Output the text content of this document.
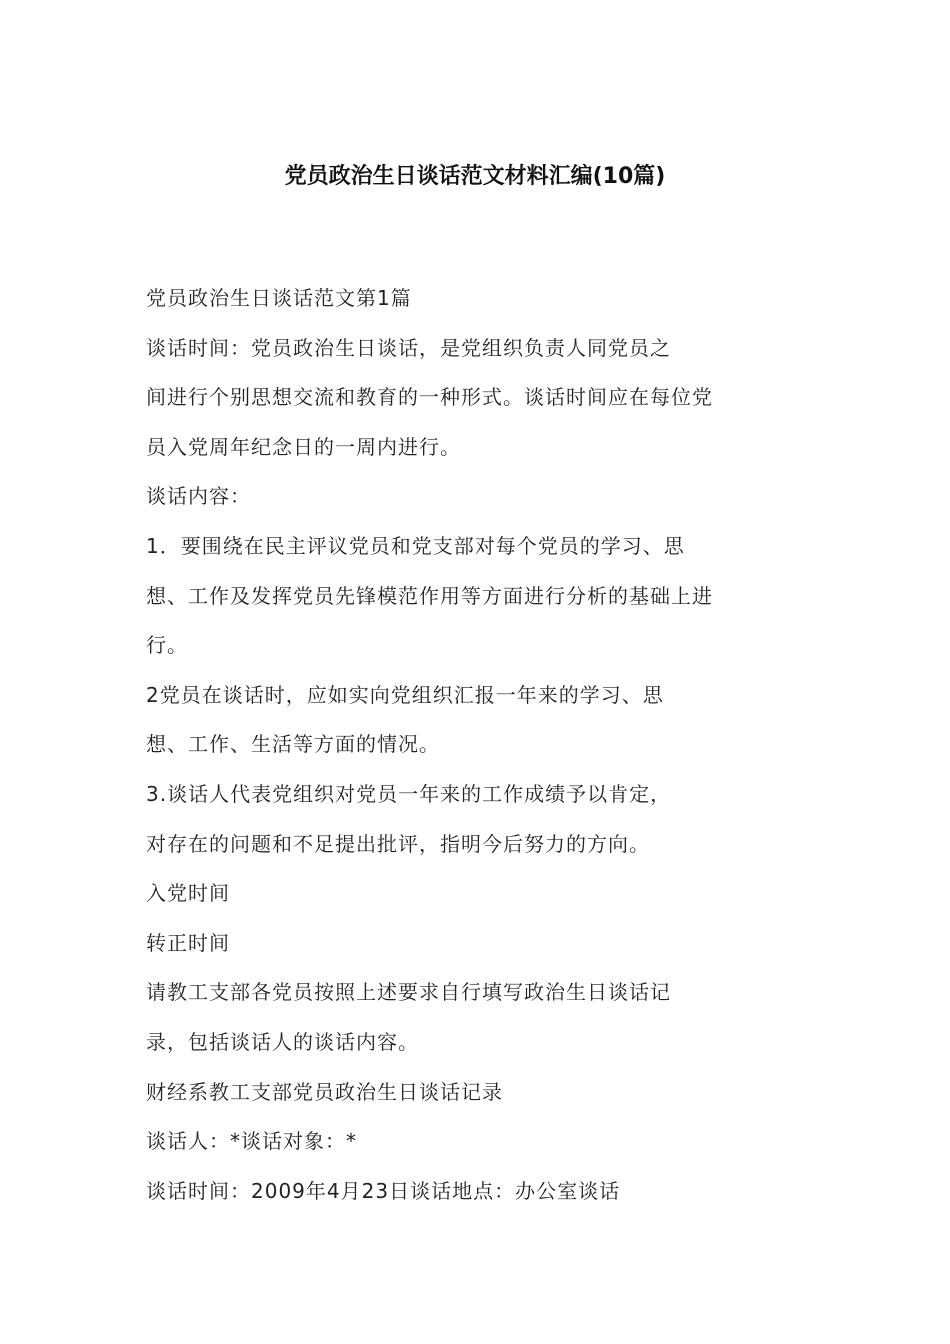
党员政治生日谈话范文材料汇编(10篇)
党员政治生日谈话范文第1篇
谈话时间：党员政治生日谈话，是党组织负责人同党员之
间进行个别思想交流和教育的一种形式。谈话时间应在每位党
员入党周年纪念日的一周内进行。
谈话内容：
1．要围绕在民主评议党员和党支部对每个党员的学习、思
想、工作及发挥党员先锋模范作用等方面进行分析的基础上进
行。
2党员在谈话时，应如实向党组织汇报一年来的学习、思
想、工作、生活等方面的情况。
3.谈话人代表党组织对党员一年来的工作成绩予以肯定，
对存在的问题和不足提出批评，指明今后努力的方向。
入党时间
转正时间
请教工支部各党员按照上述要求自行填写政治生日谈话记
录，包括谈话人的谈话内容。
财经系教工支部党员政治生日谈话记录
谈话人：*谈话对象：*
谈话时间：2009年4月23日谈话地点：办公室谈话
